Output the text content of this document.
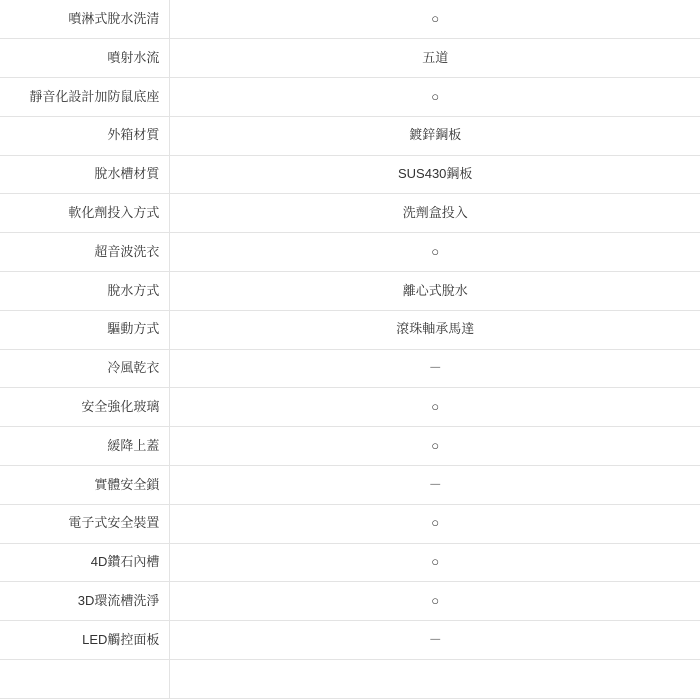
噴淋式脫水洗清	○
噴射水流	五道
靜音化設計加防鼠底座	○
外箱材質	鍍鋅鋼板
脫水槽材質	SUS430鋼板
軟化劑投入方式	洗劑盒投入
超音波洗衣	○
脫水方式	離心式脫水
驅動方式	滾珠軸承馬達
冷風乾衣	－
安全強化玻璃	○
緩降上蓋	○
實體安全鎖	－
電子式安全裝置	○
4D鑽石內槽	○
3D環流槽洗淨	○
LED觸控面板	－
